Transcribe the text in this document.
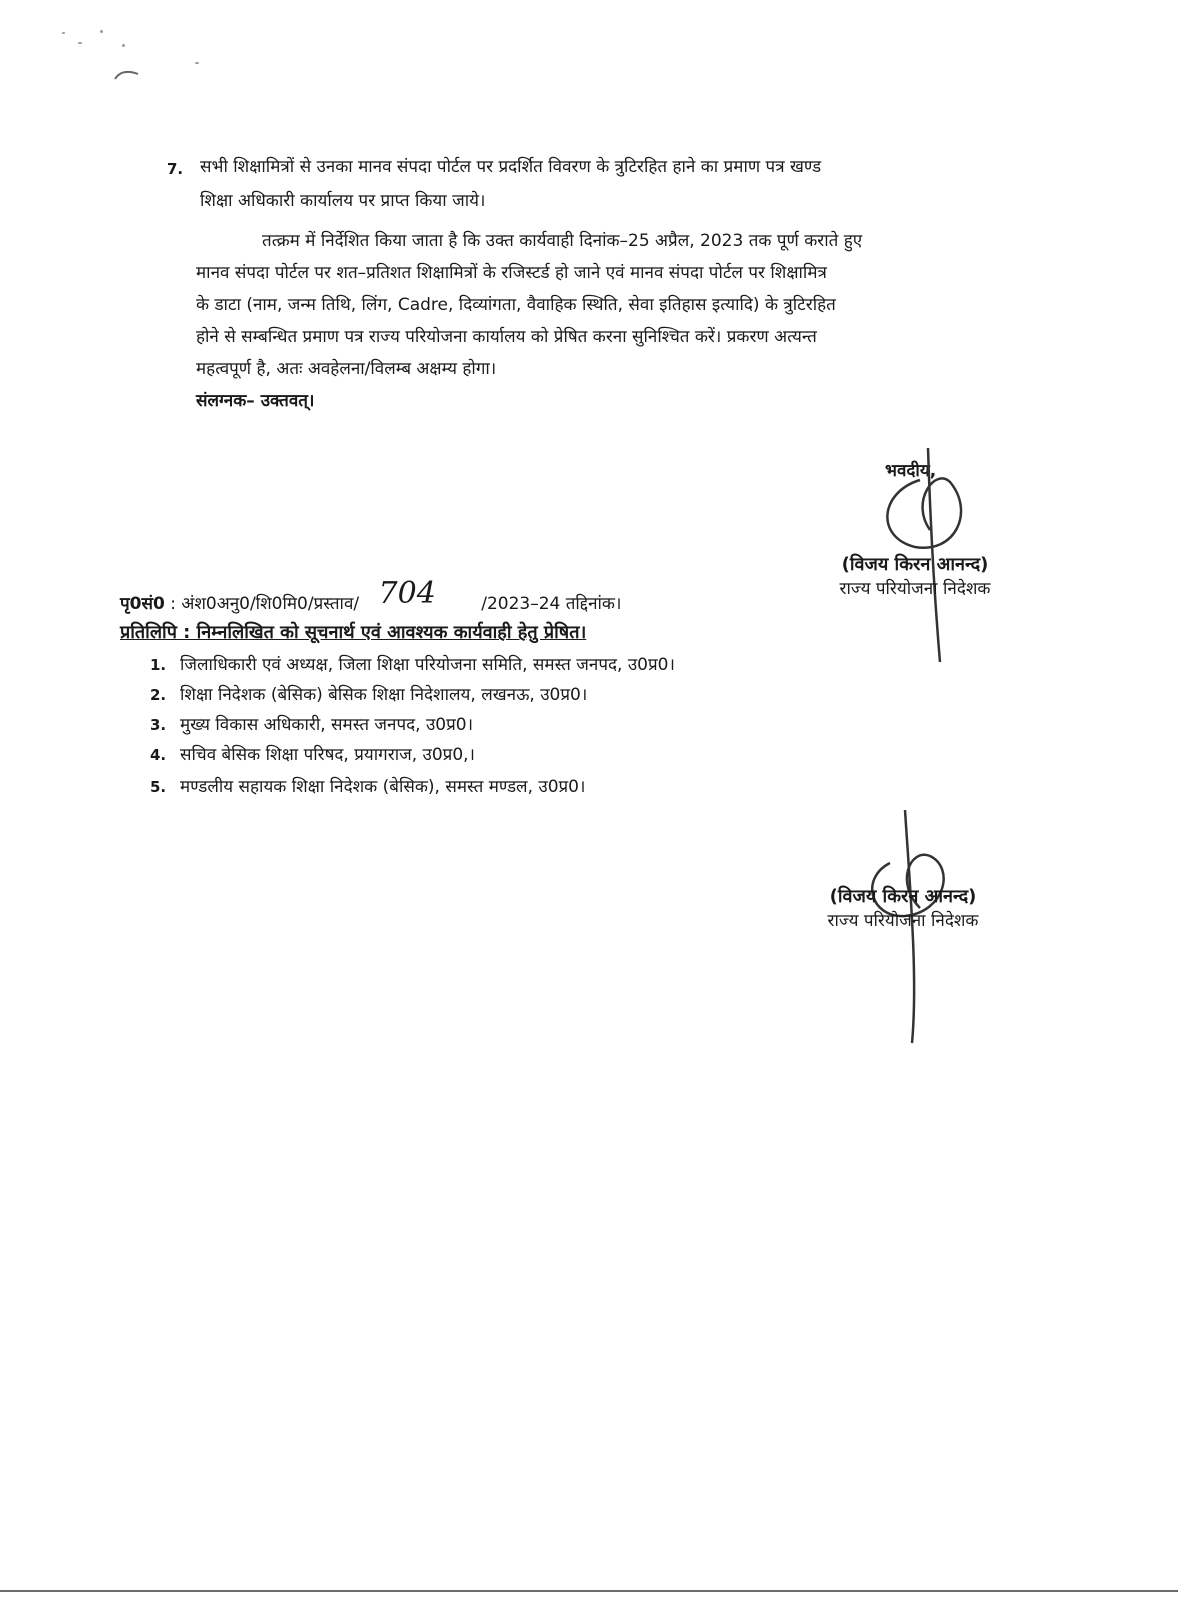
7. सभी शिक्षामित्रों से उनका मानव संपदा पोर्टल पर प्रदर्शित विवरण के त्रुटिरहित हाने का प्रमाण पत्र खण्ड
शिक्षा अधिकारी कार्यालय पर प्राप्त किया जाये।
तत्क्रम में निर्देशित किया जाता है कि उक्त कार्यवाही दिनांक–25 अप्रैल, 2023 तक पूर्ण कराते हुए
मानव संपदा पोर्टल पर शत–प्रतिशत शिक्षामित्रों के रजिस्टर्ड हो जाने एवं मानव संपदा पोर्टल पर शिक्षामित्र
के डाटा (नाम, जन्म तिथि, लिंग, Cadre, दिव्यांगता, वैवाहिक स्थिति, सेवा इतिहास इत्यादि) के त्रुटिरहित
होने से सम्बन्धित प्रमाण पत्र राज्य परियोजना कार्यालय को प्रेषित करना सुनिश्चित करें। प्रकरण अत्यन्त
महत्वपूर्ण है, अतः अवहेलना/विलम्ब अक्षम्य होगा।
संलग्नक– उक्तवत्।
भवदीय,
(विजय किरन आनन्द)
राज्य परियोजना निदेशक
पृ0सं0 : अंश0अनु0/शि0मि0/प्रस्ताव/ 704	/2023–24 तद्दिनांक।
प्रतिलिपि : निम्नलिखित को सूचनार्थ एवं आवश्यक कार्यवाही हेतु प्रेषित।
1. जिलाधिकारी एवं अध्यक्ष, जिला शिक्षा परियोजना समिति, समस्त जनपद, उ0प्र0।
2. शिक्षा निदेशक (बेसिक) बेसिक शिक्षा निदेशालय, लखनऊ, उ0प्र0।
3. मुख्य विकास अधिकारी, समस्त जनपद, उ0प्र0।
4. सचिव बेसिक शिक्षा परिषद, प्रयागराज, उ0प्र0,।
5. मण्डलीय सहायक शिक्षा निदेशक (बेसिक), समस्त मण्डल, उ0प्र0।
(विजय किरन आनन्द)
राज्य परियोजना निदेशक
